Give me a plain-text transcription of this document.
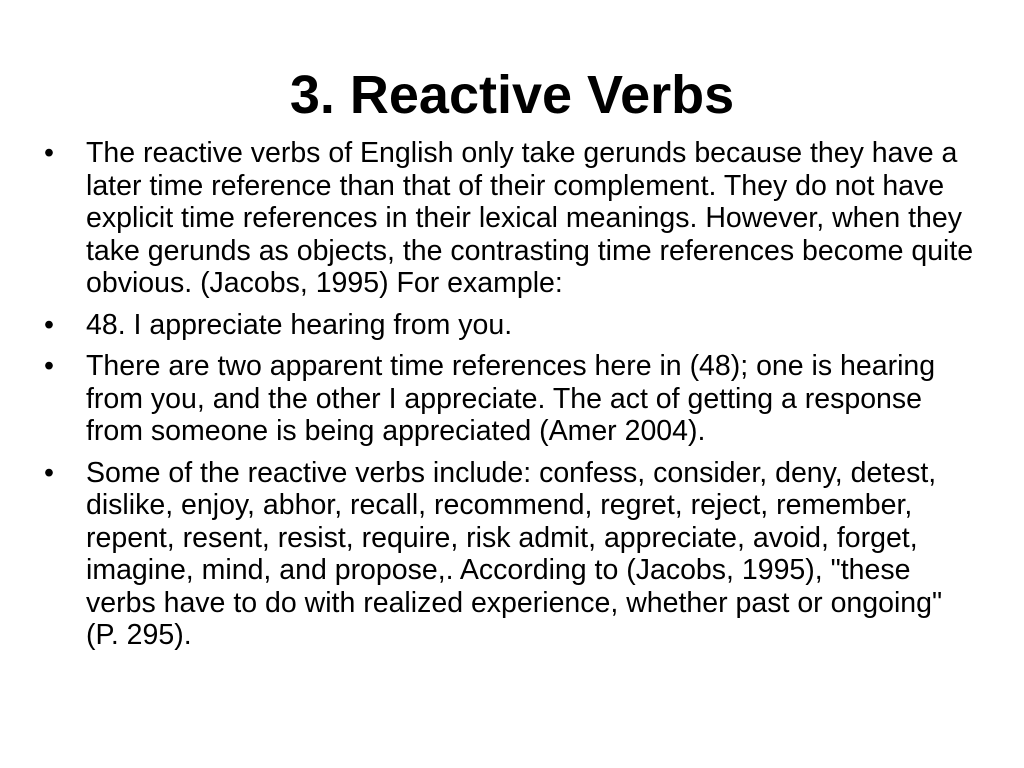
3. Reactive Verbs
•	The reactive verbs of English only take gerunds because they have a later time reference than that of their complement. They do not have explicit time references in their lexical meanings. However, when they take gerunds as objects, the contrasting time references become quite obvious. (Jacobs, 1995) For example:
•	48. I appreciate hearing from you.
•	There are two apparent time references here in (48); one is hearing from you, and the other I appreciate. The act of getting a response from someone is being appreciated (Amer 2004).
•	Some of the reactive verbs include: confess, consider, deny, detest, dislike, enjoy, abhor, recall, recommend, regret, reject, remember, repent, resent, resist, require, risk admit, appreciate, avoid, forget, imagine, mind, and propose,. According to (Jacobs, 1995), "these verbs have to do with realized experience, whether past or ongoing" (P. 295).
